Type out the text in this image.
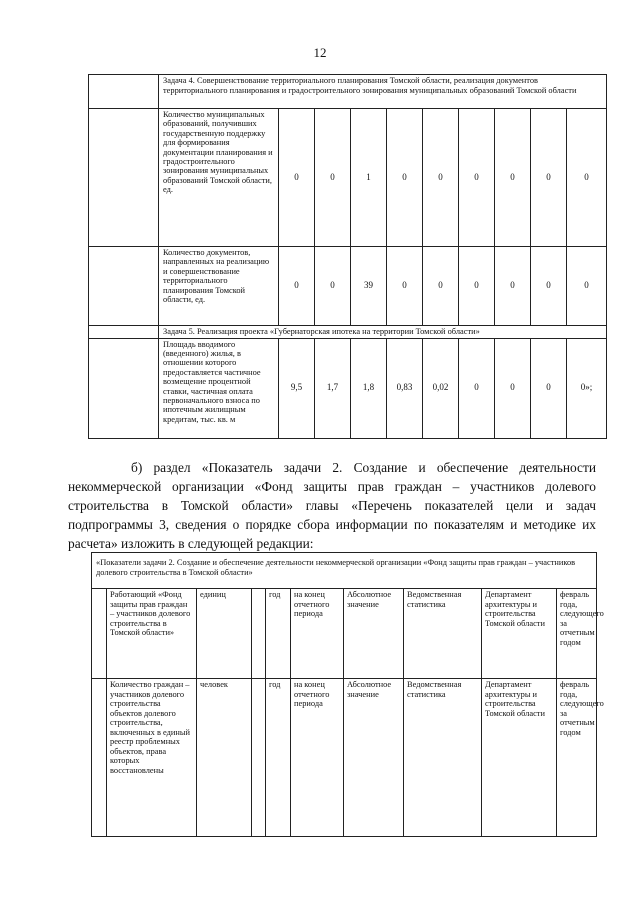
12
	Задача 4. Совершенствование территориального планирования Томской области, реализация документов территориального планирования и градостроительного зонирования муниципальных образований Томской области									
	Количество муниципальных образований, получивших государственную поддержку для формирования документации планирования и градостроительного зонирования муниципальных образований Томской области, ед.	0	0	1	0	0	0	0	0	0
	Количество документов, направленных на реализацию и совершенствование территориального планирования Томской области, ед.	0	0	39	0	0	0	0	0	0
	Задача 5. Реализация проекта «Губернаторская ипотека на территории Томской области»									
	Площадь вводимого (введенного) жилья, в отношении которого предоставляется частичное возмещение процентной ставки, частичная оплата первоначального взноса по ипотечным жилищным кредитам, тыс. кв. м	9,5	1,7	1,8	0,83	0,02	0	0	0	0»;
б) раздел «Показатель задачи 2. Создание и обеспечение деятельности некоммерческой организации «Фонд защиты прав граждан – участников долевого строительства в Томской области» главы «Перечень показателей цели и задач подпрограммы 3, сведения о порядке сбора информации по показателям и методике их расчета» изложить в следующей редакции:
«Показатели задачи 2. Создание и обеспечение деятельности некоммерческой организации «Фонд защиты прав граждан – участников долевого строительства в Томской области»									
	Работающий «Фонд защиты прав граждан – участников долевого строительства в Томской области»	единиц		год	на конец отчетного периода	Абсолютное значение	Ведомственная статистика	Департамент архитектуры и строительства Томской области	февраль года, следующего за отчетным годом
	Количество граждан – участников долевого строительства объектов долевого строительства, включенных в единый реестр проблемных объектов, права которых восстановлены	человек		год	на конец отчетного периода	Абсолютное значение	Ведомственная статистика	Департамент архитектуры и строительства Томской области	февраль года, следующего за отчетным годом
